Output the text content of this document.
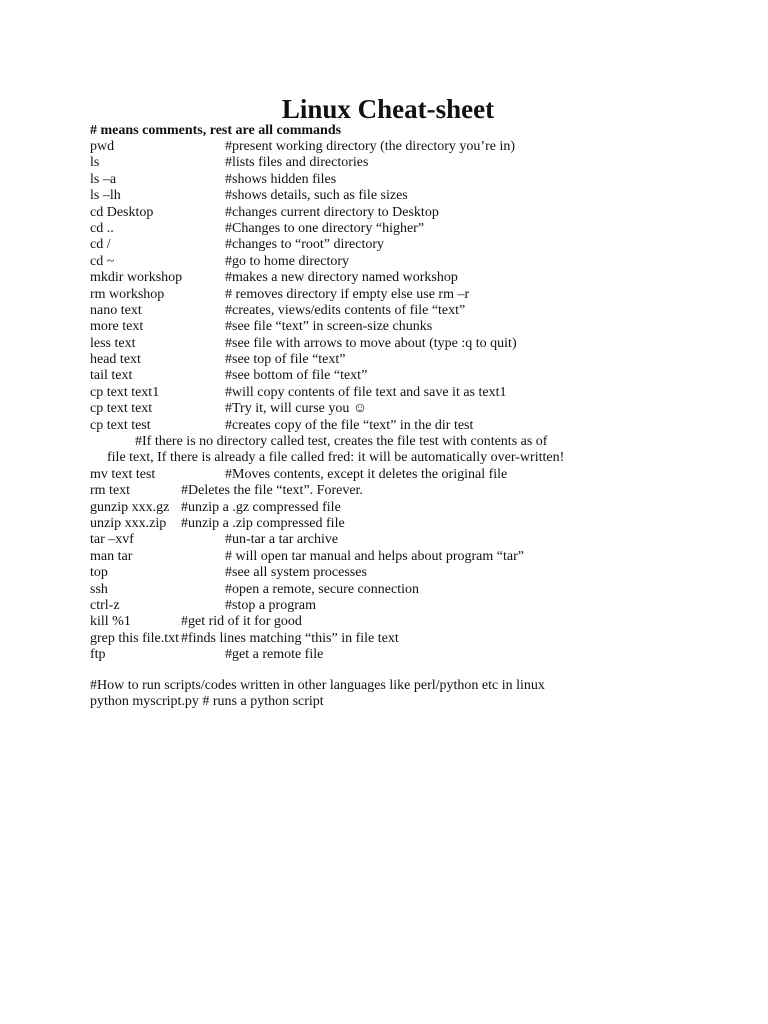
Linux Cheat-sheet

# means comments, rest are all commands

pwd	#present working directory (the directory you’re in)
ls	#lists files and directories
ls –a	#shows hidden files
ls –lh	#shows details, such as file sizes
cd Desktop	#changes current directory to Desktop
cd ..	#Changes to one directory “higher”
cd /	#changes to “root” directory
cd ~	#go to home directory
mkdir workshop	#makes a new directory named workshop
rm workshop	# removes directory if empty else use rm –r
nano text	#creates, views/edits contents of file “text”
more text	#see file “text” in screen-size chunks
less text	#see file with arrows to move about (type :q to quit)
head text	#see top of file “text”
tail text	#see bottom of file “text”
cp text text1	#will copy contents of file text and save it as text1
cp text text	#Try it, will curse you ☺
cp text test	#creates copy of the file “text” in the dir test
#If there is no directory called test, creates the file test with contents as of
file text, If there is already a file called fred: it will be automatically over-written!
mv text test	#Moves contents, except it deletes the original file
rm text	#Deletes the file “text”. Forever.
gunzip xxx.gz #unzip a .gz compressed file
unzip xxx.zip #unzip a .zip compressed file
tar –xvf	#un-tar a tar archive
man tar	# will open tar manual and helps about program “tar”
top	#see all system processes
ssh	#open a remote, secure connection
ctrl-z	#stop a program
kill %1	#get rid of it for good
grep this file.txt #finds lines matching “this” in file text
ftp	#get a remote file
#How to run scripts/codes written in other languages like perl/python etc in linux
python myscript.py # runs a python script
